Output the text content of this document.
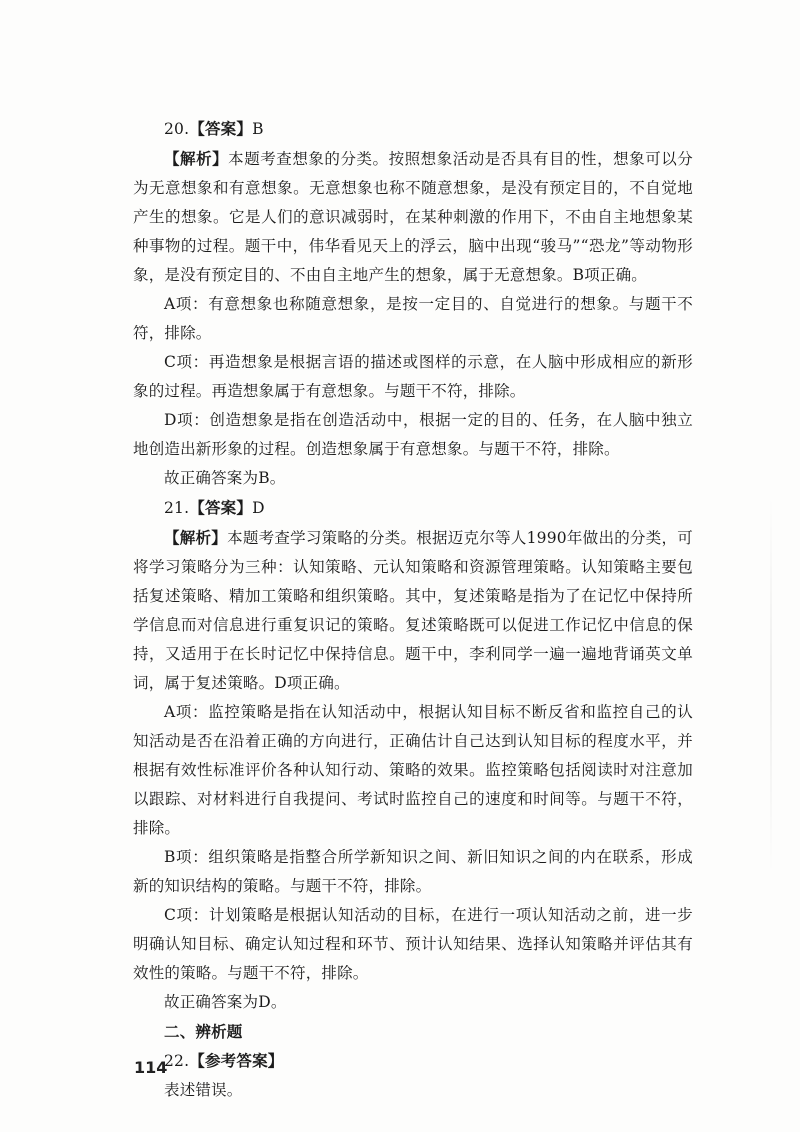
20.【答案】B

【解析】本题考查想象的分类。按照想象活动是否具有目的性，想象可以分为无意想象和有意想象。无意想象也称不随意想象，是没有预定目的，不自觉地产生的想象。它是人们的意识减弱时，在某种刺激的作用下，不由自主地想象某种事物的过程。题干中，伟华看见天上的浮云，脑中出现“骏马”“恐龙”等动物形象，是没有预定目的、不由自主地产生的想象，属于无意想象。B项正确。

A项：有意想象也称随意想象，是按一定目的、自觉进行的想象。与题干不符，排除。

C项：再造想象是根据言语的描述或图样的示意，在人脑中形成相应的新形象的过程。再造想象属于有意想象。与题干不符，排除。

D项：创造想象是指在创造活动中，根据一定的目的、任务，在人脑中独立地创造出新形象的过程。创造想象属于有意想象。与题干不符，排除。

故正确答案为B。

21.【答案】D

【解析】本题考查学习策略的分类。根据迈克尔等人1990年做出的分类，可将学习策略分为三种：认知策略、元认知策略和资源管理策略。认知策略主要包括复述策略、精加工策略和组织策略。其中，复述策略是指为了在记忆中保持所学信息而对信息进行重复识记的策略。复述策略既可以促进工作记忆中信息的保持，又适用于在长时记忆中保持信息。题干中，李利同学一遍一遍地背诵英文单词，属于复述策略。D项正确。

A项：监控策略是指在认知活动中，根据认知目标不断反省和监控自己的认知活动是否在沿着正确的方向进行，正确估计自己达到认知目标的程度水平，并根据有效性标准评价各种认知行动、策略的效果。监控策略包括阅读时对注意加以跟踪、对材料进行自我提问、考试时监控自己的速度和时间等。与题干不符，排除。

B项：组织策略是指整合所学新知识之间、新旧知识之间的内在联系，形成新的知识结构的策略。与题干不符，排除。

C项：计划策略是根据认知活动的目标，在进行一项认知活动之前，进一步明确认知目标、确定认知过程和环节、预计认知结果、选择认知策略并评估其有效性的策略。与题干不符，排除。

故正确答案为D。

二、辨析题

22.【参考答案】

表述错误。

114
